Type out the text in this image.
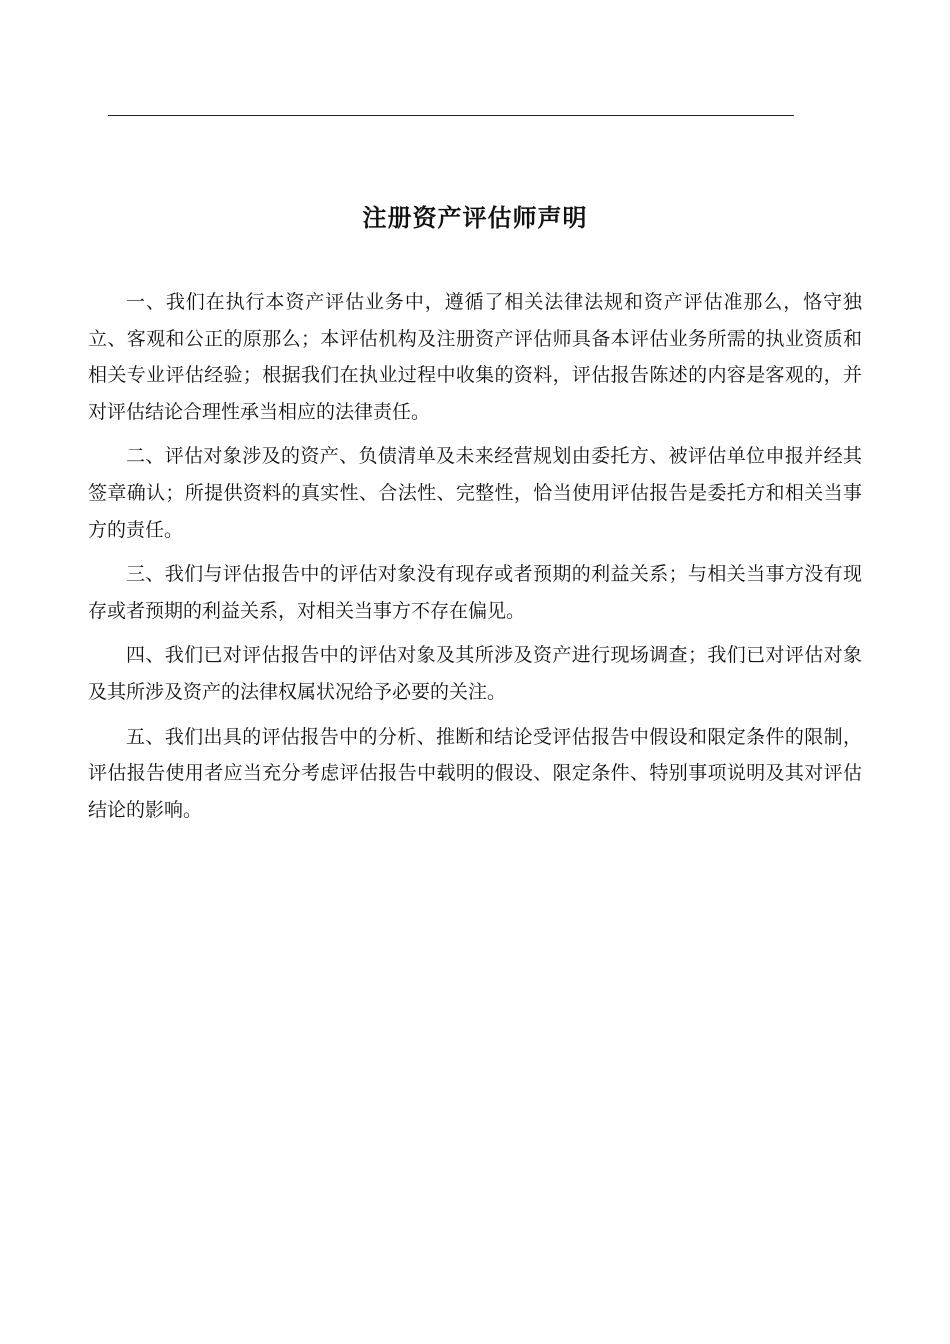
注册资产评估师声明

一、我们在执行本资产评估业务中，遵循了相关法律法规和资产评估准那么，恪守独立、客观和公正的原那么；本评估机构及注册资产评估师具备本评估业务所需的执业资质和相关专业评估经验；根据我们在执业过程中收集的资料，评估报告陈述的内容是客观的，并对评估结论合理性承当相应的法律责任。

二、评估对象涉及的资产、负债清单及未来经营规划由委托方、被评估单位申报并经其签章确认；所提供资料的真实性、合法性、完整性，恰当使用评估报告是委托方和相关当事方的责任。

三、我们与评估报告中的评估对象没有现存或者预期的利益关系；与相关当事方没有现存或者预期的利益关系，对相关当事方不存在偏见。

四、我们已对评估报告中的评估对象及其所涉及资产进行现场调查；我们已对评估对象及其所涉及资产的法律权属状况给予必要的关注。

五、我们出具的评估报告中的分析、推断和结论受评估报告中假设和限定条件的限制，评估报告使用者应当充分考虑评估报告中载明的假设、限定条件、特别事项说明及其对评估结论的影响。
